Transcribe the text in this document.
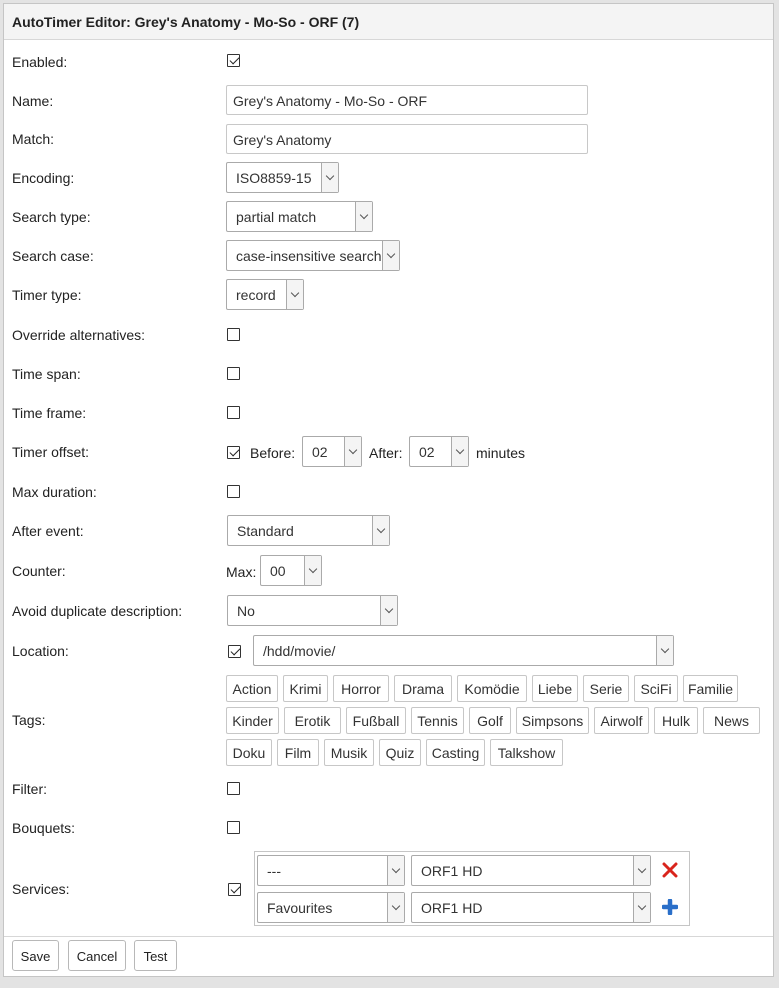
AutoTimer Editor: Grey's Anatomy - Mo-So - ORF (7)
Enabled:
Name:	Grey's Anatomy - Mo-So - ORF
Match:	Grey's Anatomy
Encoding:	ISO8859-15
Search type:	partial match
Search case:	case-insensitive search
Timer type:	record
Override alternatives:
Time span:
Time frame:
Timer offset:	Before:	02	After:	02	minutes
Max duration:
After event:	Standard
Counter:	Max: 00
Avoid duplicate description:	No
Location:	/hdd/movie/
Tags:
Action	Krimi	Horror	Drama	Komödie	Liebe	Serie	SciFi	Familie
Kinder	Erotik	Fußball	Tennis	Golf	Simpsons	Airwolf	Hulk	News
Doku	Film	Musik	Quiz	Casting	Talkshow
Filter:
Bouquets:
Services:
---	ORF1 HD
Favourites	ORF1 HD
Save	Cancel	Test
